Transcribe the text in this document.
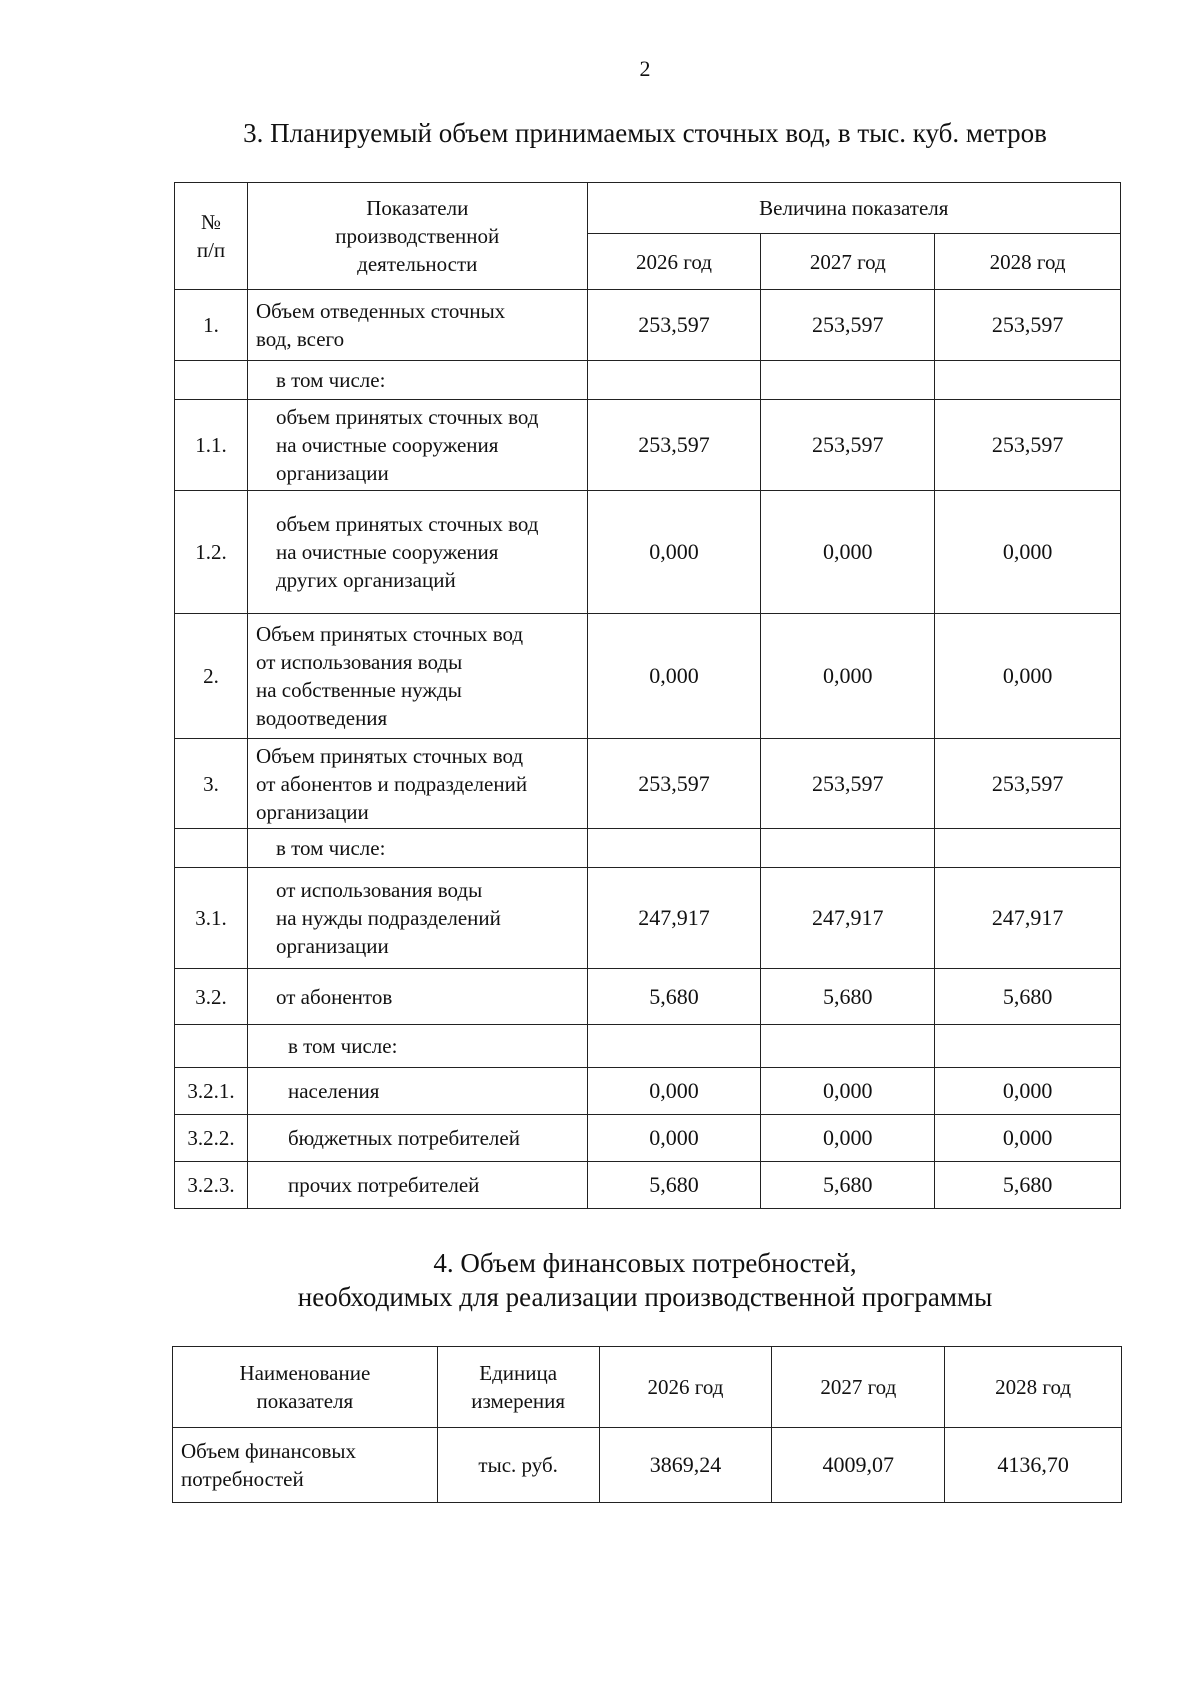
2
3. Планируемый объем принимаемых сточных вод, в тыс. куб. метров
№
п/п	Показатели
производственной
деятельности	Величина показателя		
		2026 год	2027 год	2028 год
1.	Объем отведенных сточных
вод, всего	253,597	253,597	253,597
	в том числе:			
1.1.	объем принятых сточных вод
на очистные сооружения
организации	253,597	253,597	253,597
1.2.	объем принятых сточных вод
на очистные сооружения
других организаций	0,000	0,000	0,000
2.	Объем принятых сточных вод
от использования воды
на собственные нужды
водоотведения	0,000	0,000	0,000
3.	Объем принятых сточных вод
от абонентов и подразделений
организации	253,597	253,597	253,597
	в том числе:			
3.1.	от использования воды
на нужды подразделений
организации	247,917	247,917	247,917
3.2.	от абонентов	5,680	5,680	5,680
	в том числе:			
3.2.1.	населения	0,000	0,000	0,000
3.2.2.	бюджетных потребителей	0,000	0,000	0,000
3.2.3.	прочих потребителей	5,680	5,680	5,680
4. Объем финансовых потребностей,
необходимых для реализации производственной программы
Наименование
показателя	Единица
измерения	2026 год	2027 год	2028 год
Объем финансовых
потребностей	тыс. руб.	3869,24	4009,07	4136,70
